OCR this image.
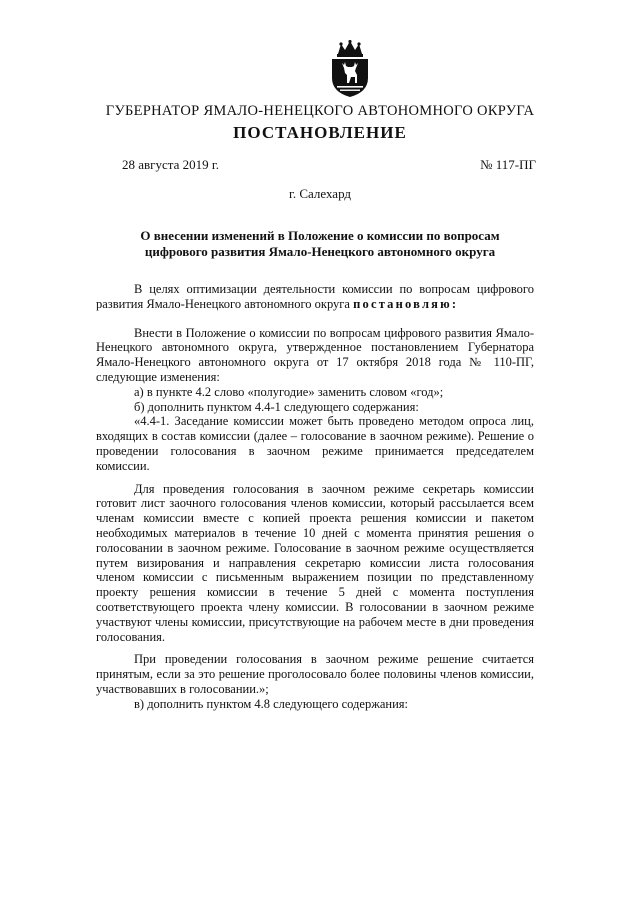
ГУБЕРНАТОР ЯМАЛО-НЕНЕЦКОГО АВТОНОМНОГО ОКРУГА
ПОСТАНОВЛЕНИЕ
28 августа 2019 г.	№ 117-ПГ
г. Салехард
О внесении изменений в Положение о комиссии по вопросам цифрового развития Ямало-Ненецкого автономного округа

В целях оптимизации деятельности комиссии по вопросам цифрового развития Ямало-Ненецкого автономного округа постановляю:

Внести в Положение о комиссии по вопросам цифрового развития Ямало-Ненецкого автономного округа, утвержденное постановлением Губернатора Ямало-Ненецкого автономного округа от 17 октября 2018 года № 110-ПГ, следующие изменения:

а) в пункте 4.2 слово «полугодие» заменить словом «год»;

б) дополнить пунктом 4.4-1 следующего содержания:

«4.4-1. Заседание комиссии может быть проведено методом опроса лиц, входящих в состав комиссии (далее – голосование в заочном режиме). Решение о проведении голосования в заочном режиме принимается председателем комиссии.

Для проведения голосования в заочном режиме секретарь комиссии готовит лист заочного голосования членов комиссии, который рассылается всем членам комиссии вместе с копией проекта решения комиссии и пакетом необходимых материалов в течение 10 дней с момента принятия решения о голосовании в заочном режиме. Голосование в заочном режиме осуществляется путем визирования и направления секретарю комиссии листа голосования членом комиссии с письменным выражением позиции по представленному проекту решения комиссии в течение 5 дней с момента поступления соответствующего проекта члену комиссии. В голосовании в заочном режиме участвуют члены комиссии, присутствующие на рабочем месте в дни проведения голосования.

При проведении голосования в заочном режиме решение считается принятым, если за это решение проголосовало более половины членов комиссии, участвовавших в голосовании.»;

в) дополнить пунктом 4.8 следующего содержания:
